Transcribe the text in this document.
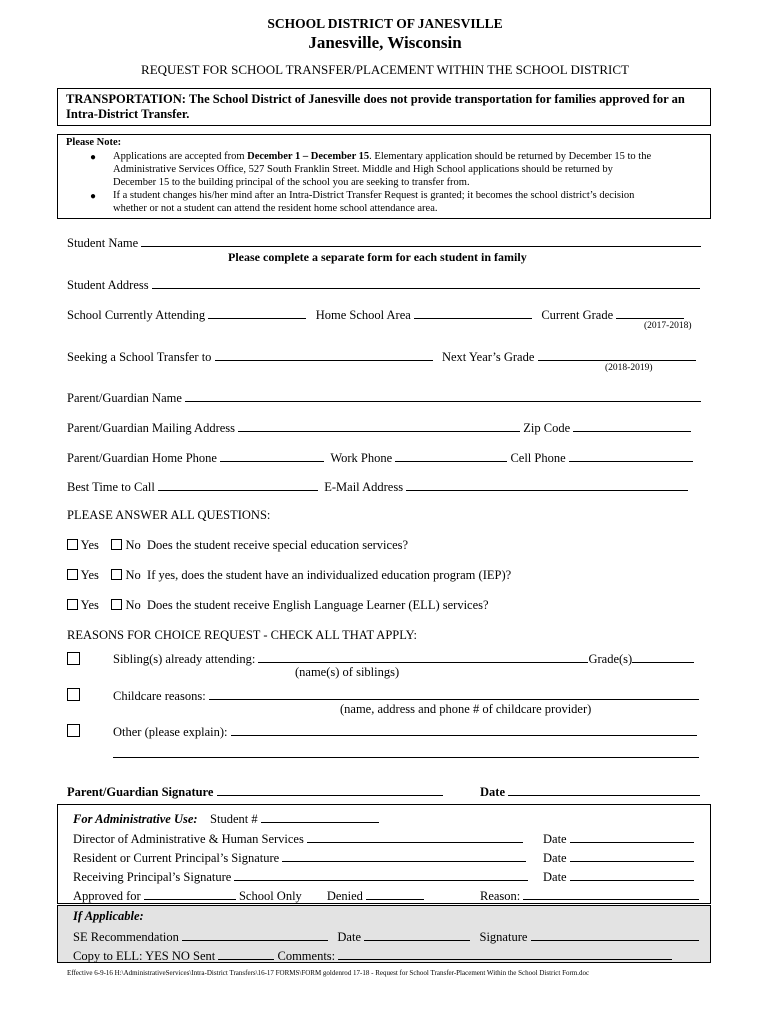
SCHOOL DISTRICT OF JANESVILLE
Janesville, Wisconsin
REQUEST FOR SCHOOL TRANSFER/PLACEMENT WITHIN THE SCHOOL DISTRICT
TRANSPORTATION: The School District of Janesville does not provide transportation for families approved for an
Intra-District Transfer.
Please Note:
● Applications are accepted from December 1 – December 15. Elementary application should be returned by December 15 to the
Administrative Services Office, 527 South Franklin Street. Middle and High School applications should be returned by
December 15 to the building principal of the school you are seeking to transfer from.
● If a student changes his/her mind after an Intra-District Transfer Request is granted; it becomes the school district’s decision
whether or not a student can attend the resident home school attendance area.
Student Name
Please complete a separate form for each student in family
Student Address
School Currently Attending	Home School Area	Current Grade
(2017-2018)
Seeking a School Transfer to	Next Year’s Grade
(2018-2019)
Parent/Guardian Name
Parent/Guardian Mailing Address	Zip Code
Parent/Guardian Home Phone	Work Phone	Cell Phone
Best Time to Call	E-Mail Address
PLEASE ANSWER ALL QUESTIONS:
Yes No Does the student receive special education services?
Yes No If yes, does the student have an individualized education program (IEP)?
Yes No Does the student receive English Language Learner (ELL) services?
REASONS FOR CHOICE REQUEST - CHECK ALL THAT APPLY:
Sibling(s) already attending:	Grade(s)
(name(s) of siblings)
Childcare reasons:
(name, address and phone # of childcare provider)
Other (please explain):
Parent/Guardian Signature	Date
For Administrative Use: Student #
Director of Administrative & Human Services	Date
Resident or Current Principal’s Signature	Date
Receiving Principal’s Signature	Date
Approved for	School Only Denied	Reason:
If Applicable:
SE Recommendation	Date	Signature
Copy to ELL: YES NO Sent	Comments:
Effective 6-9-16 H:\AdministrativeServices\Intra-District Transfers\16-17 FORMS\FORM goldenrod 17-18 - Request for School Transfer-Placement Within the School District Form.doc
